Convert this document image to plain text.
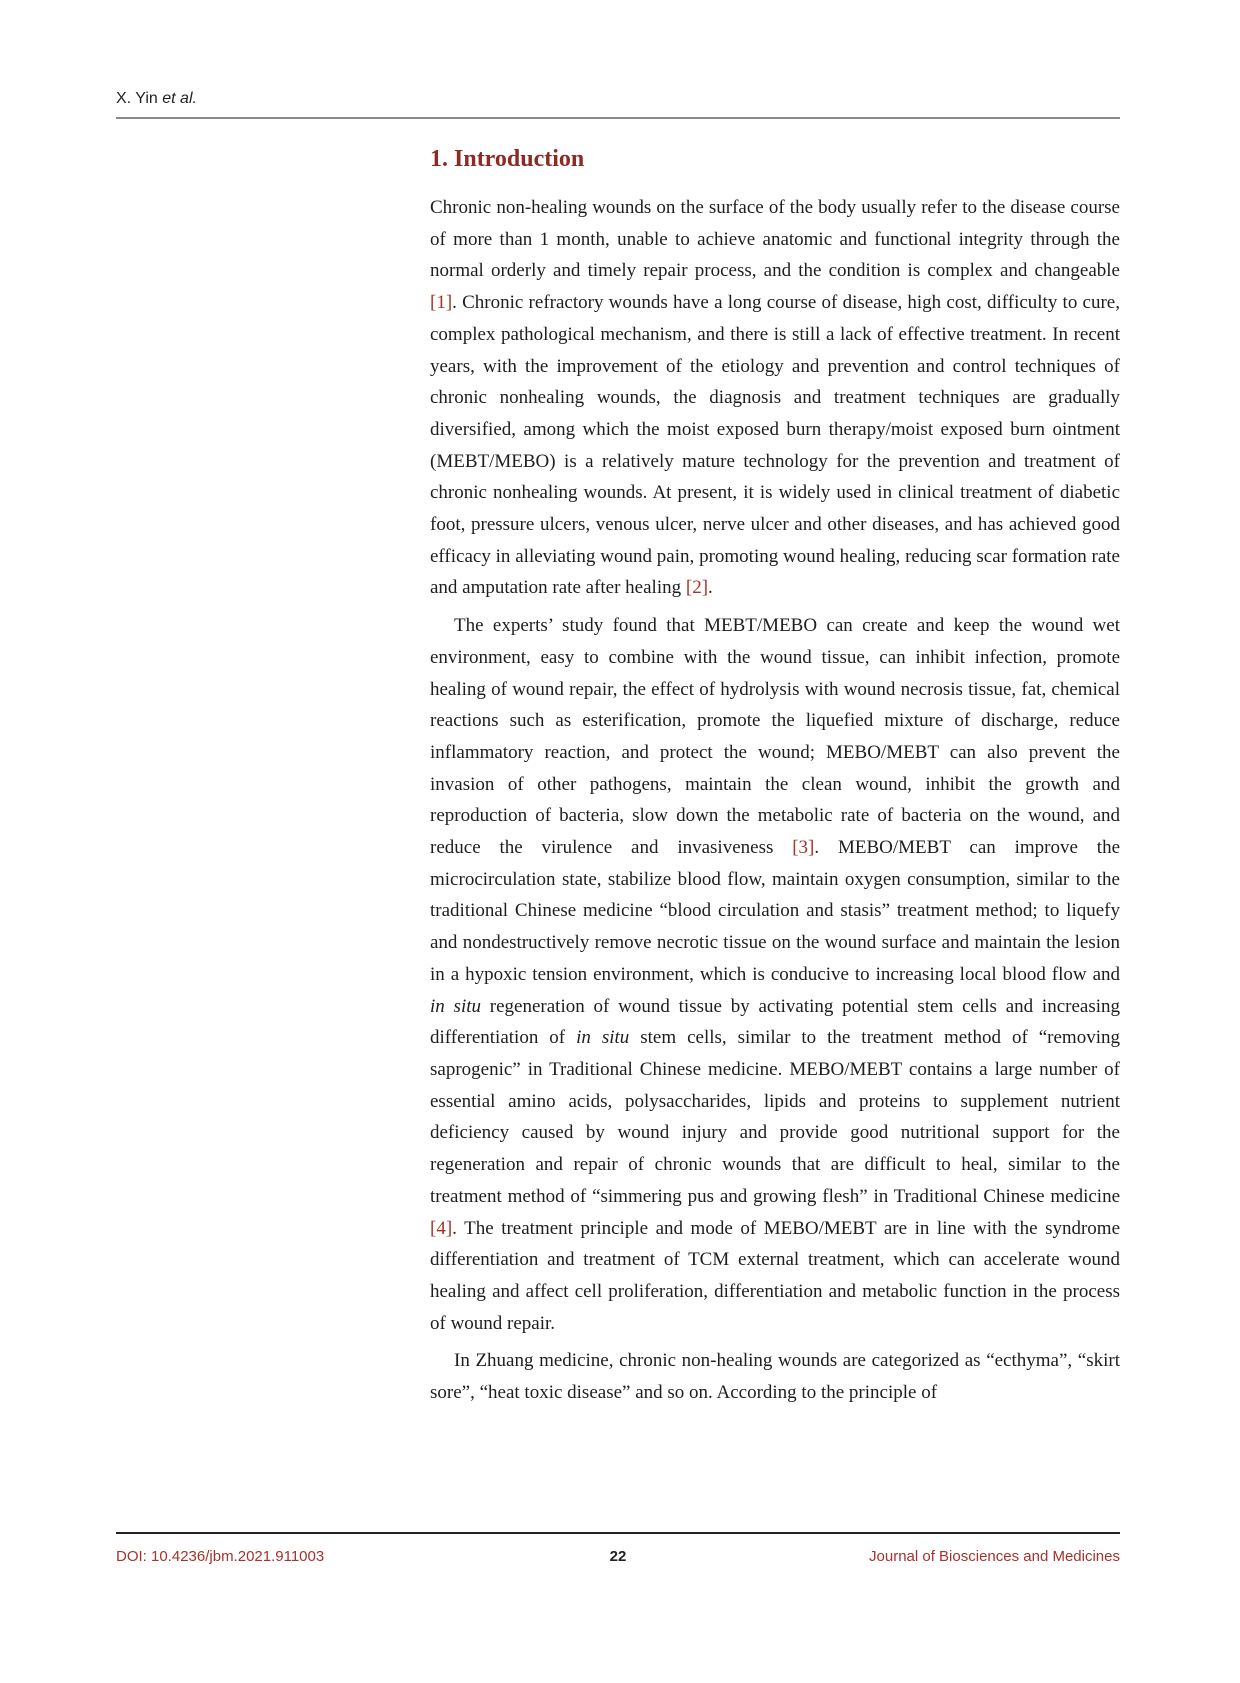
X. Yin et al.
1. Introduction

Chronic non-healing wounds on the surface of the body usually refer to the disease course of more than 1 month, unable to achieve anatomic and functional integrity through the normal orderly and timely repair process, and the condition is complex and changeable [1]. Chronic refractory wounds have a long course of disease, high cost, difficulty to cure, complex pathological mechanism, and there is still a lack of effective treatment. In recent years, with the improvement of the etiology and prevention and control techniques of chronic nonhealing wounds, the diagnosis and treatment techniques are gradually diversified, among which the moist exposed burn therapy/moist exposed burn ointment (MEBT/MEBO) is a relatively mature technology for the prevention and treatment of chronic nonhealing wounds. At present, it is widely used in clinical treatment of diabetic foot, pressure ulcers, venous ulcer, nerve ulcer and other diseases, and has achieved good efficacy in alleviating wound pain, promoting wound healing, reducing scar formation rate and amputation rate after healing [2].

The experts’ study found that MEBT/MEBO can create and keep the wound wet environment, easy to combine with the wound tissue, can inhibit infection, promote healing of wound repair, the effect of hydrolysis with wound necrosis tissue, fat, chemical reactions such as esterification, promote the liquefied mixture of discharge, reduce inflammatory reaction, and protect the wound; MEBO/MEBT can also prevent the invasion of other pathogens, maintain the clean wound, inhibit the growth and reproduction of bacteria, slow down the metabolic rate of bacteria on the wound, and reduce the virulence and invasiveness [3]. MEBO/MEBT can improve the microcirculation state, stabilize blood flow, maintain oxygen consumption, similar to the traditional Chinese medicine “blood circulation and stasis” treatment method; to liquefy and nondestructively remove necrotic tissue on the wound surface and maintain the lesion in a hypoxic tension environment, which is conducive to increasing local blood flow and in situ regeneration of wound tissue by activating potential stem cells and increasing differentiation of in situ stem cells, similar to the treatment method of “removing saprogenic” in Traditional Chinese medicine. MEBO/MEBT contains a large number of essential amino acids, polysaccharides, lipids and proteins to supplement nutrient deficiency caused by wound injury and provide good nutritional support for the regeneration and repair of chronic wounds that are difficult to heal, similar to the treatment method of “simmering pus and growing flesh” in Traditional Chinese medicine [4]. The treatment principle and mode of MEBO/MEBT are in line with the syndrome differentiation and treatment of TCM external treatment, which can accelerate wound healing and affect cell proliferation, differentiation and metabolic function in the process of wound repair.

In Zhuang medicine, chronic non-healing wounds are categorized as “ecthyma”, “skirt sore”, “heat toxic disease” and so on. According to the principle of

DOI: 10.4236/jbm.2021.911003	22	Journal of Biosciences and Medicines
